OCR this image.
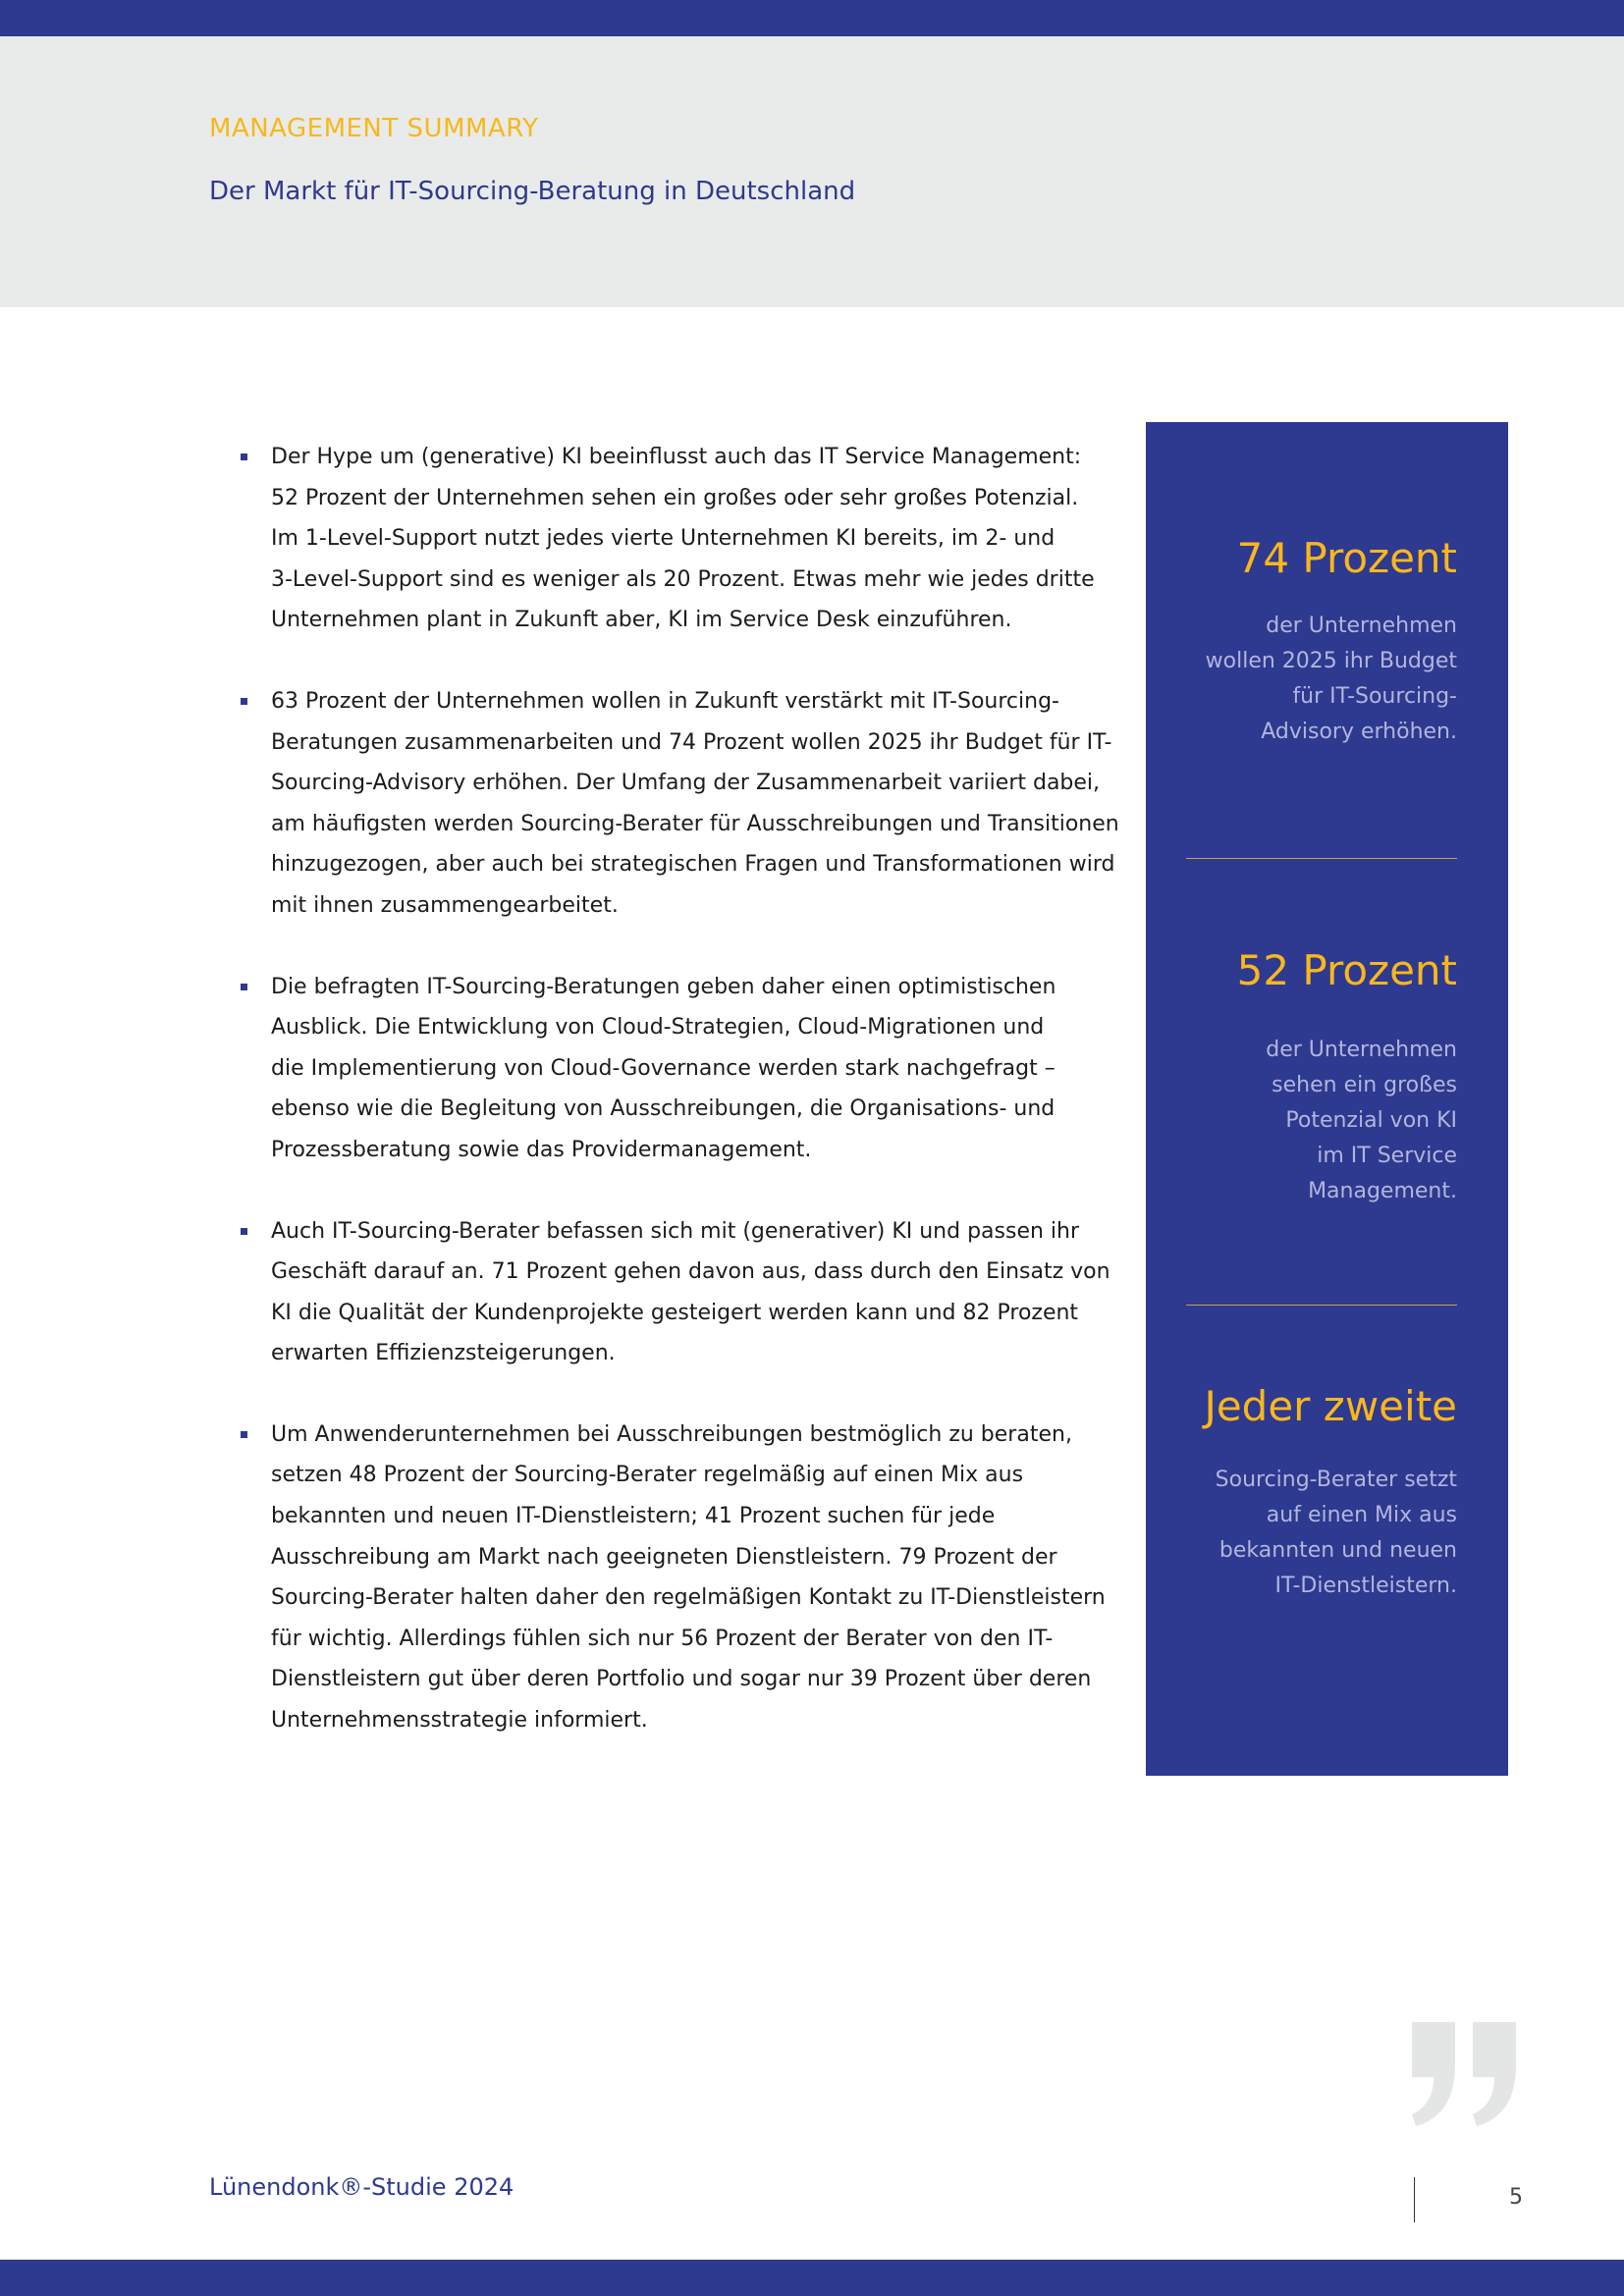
MANAGEMENT SUMMARY
Der Markt für IT-Sourcing-Beratung in Deutschland
Der Hype um (generative) KI beeinflusst auch das IT Service Management:
52 Prozent der Unternehmen sehen ein großes oder sehr großes Potenzial.
Im 1-Level-Support nutzt jedes vierte Unternehmen KI bereits, im 2- und
3-Level-Support sind es weniger als 20 Prozent. Etwas mehr wie jedes dritte
Unternehmen plant in Zukunft aber, KI im Service Desk einzuführen.
63 Prozent der Unternehmen wollen in Zukunft verstärkt mit IT-Sourcing-
Beratungen zusammenarbeiten und 74 Prozent wollen 2025 ihr Budget für IT-
Sourcing-Advisory erhöhen. Der Umfang der Zusammenarbeit variiert dabei,
am häufigsten werden Sourcing-Berater für Ausschreibungen und Transitionen
hinzugezogen, aber auch bei strategischen Fragen und Transformationen wird
mit ihnen zusammengearbeitet.
Die befragten IT-Sourcing-Beratungen geben daher einen optimistischen
Ausblick. Die Entwicklung von Cloud-Strategien, Cloud-Migrationen und
die Implementierung von Cloud-Governance werden stark nachgefragt –
ebenso wie die Begleitung von Ausschreibungen, die Organisations- und
Prozessberatung sowie das Providermanagement.
Auch IT-Sourcing-Berater befassen sich mit (generativer) KI und passen ihr
Geschäft darauf an. 71 Prozent gehen davon aus, dass durch den Einsatz von
KI die Qualität der Kundenprojekte gesteigert werden kann und 82 Prozent
erwarten Effizienzsteigerungen.
Um Anwenderunternehmen bei Ausschreibungen bestmöglich zu beraten,
setzen 48 Prozent der Sourcing-Berater regelmäßig auf einen Mix aus
bekannten und neuen IT-Dienstleistern; 41 Prozent suchen für jede
Ausschreibung am Markt nach geeigneten Dienstleistern. 79 Prozent der
Sourcing-Berater halten daher den regelmäßigen Kontakt zu IT-Dienstleistern
für wichtig. Allerdings fühlen sich nur 56 Prozent der Berater von den IT-
Dienstleistern gut über deren Portfolio und sogar nur 39 Prozent über deren
Unternehmensstrategie informiert.
74 Prozent
der Unternehmen
wollen 2025 ihr Budget
für IT-Sourcing-
Advisory erhöhen.
52 Prozent
der Unternehmen
sehen ein großes
Potenzial von KI
im IT Service
Management.
Jeder zweite
Sourcing-Berater setzt
auf einen Mix aus
bekannten und neuen
IT-Dienstleistern.
Lünendonk®-Studie 2024	5
